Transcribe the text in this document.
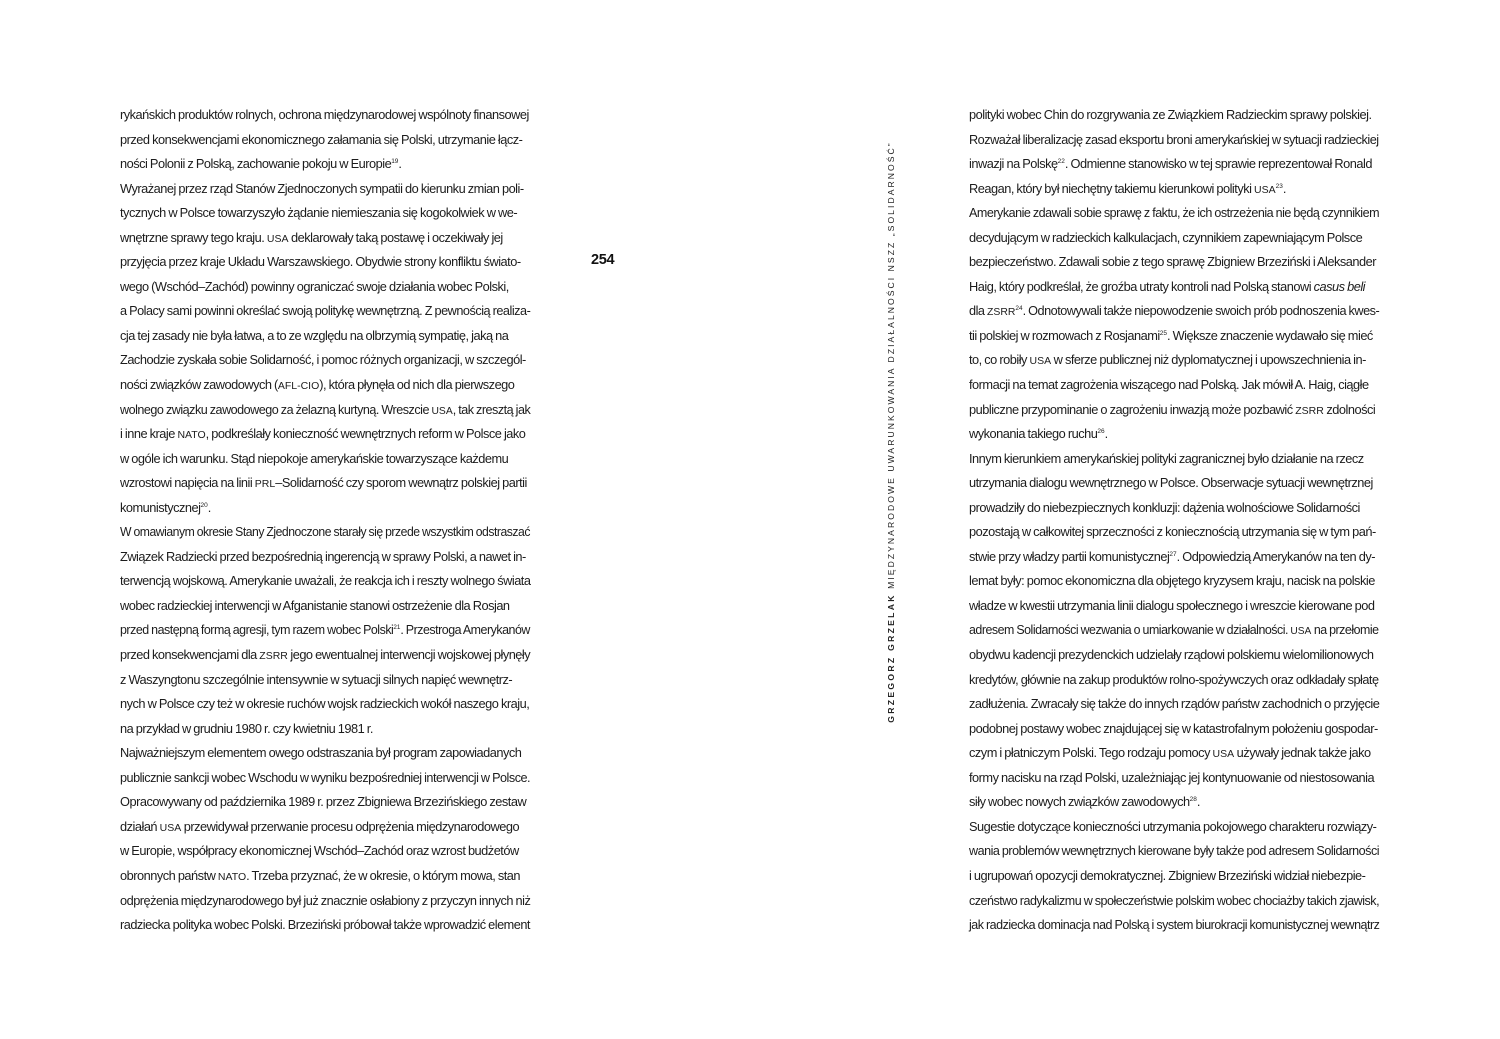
rykańskich produktów rolnych, ochrona międzynarodowej wspólnoty finansowej
przed konsekwencjami ekonomicznego załamania się Polski, utrzymanie łącz-
ności Polonii z Polską, zachowanie pokoju w Europie$^{19}$.
Wyrażanej przez rząd Stanów Zjednoczonych sympatii do kierunku zmian poli-
tycznych w Polsce towarzyszyło żądanie niemieszania się kogokolwiek w we-
wnętrzne sprawy tego kraju. USA deklarowały taką postawę i oczekiwały jej
przyjęcia przez kraje Układu Warszawskiego. Obydwie strony konfliktu świato-
wego (Wschód–Zachód) powinny ograniczać swoje działania wobec Polski,
a Polacy sami powinni określać swoją politykę wewnętrzną. Z pewnością realiza-
cja tej zasady nie była łatwa, a to ze względu na olbrzymią sympatię, jaką na
Zachodzie zyskała sobie Solidarność, i pomoc różnych organizacji, w szczegól-
ności związków zawodowych (AFL-CIO), która płynęła od nich dla pierwszego
wolnego związku zawodowego za żelazną kurtyną. Wreszcie USA, tak zresztą jak
i inne kraje NATO, podkreślały konieczność wewnętrznych reform w Polsce jako
w ogóle ich warunku. Stąd niepokoje amerykańskie towarzyszące każdemu
wzrostowi napięcia na linii PRL–Solidarność czy sporom wewnątrz polskiej partii
komunistycznej$^{20}$.
W omawianym okresie Stany Zjednoczone starały się przede wszystkim odstraszać
Związek Radziecki przed bezpośrednią ingerencją w sprawy Polski, a nawet in-
terwencją wojskową. Amerykanie uważali, że reakcja ich i reszty wolnego świata
wobec radzieckiej interwencji w Afganistanie stanowi ostrzeżenie dla Rosjan
przed następną formą agresji, tym razem wobec Polski$^{21}$. Przestroga Amerykanów
przed konsekwencjami dla ZSRR jego ewentualnej interwencji wojskowej płynęły
z Waszyngtonu szczególnie intensywnie w sytuacji silnych napięć wewnętrz-
nych w Polsce czy też w okresie ruchów wojsk radzieckich wokół naszego kraju,
na przykład w grudniu 1980 r. czy kwietniu 1981 r.
Najważniejszym elementem owego odstraszania był program zapowiadanych
publicznie sankcji wobec Wschodu w wyniku bezpośredniej interwencji w Polsce.
Opracowywany od października 1989 r. przez Zbigniewa Brzezińskiego zestaw
działań USA przewidywał przerwanie procesu odprężenia międzynarodowego
w Europie, współpracy ekonomicznej Wschód–Zachód oraz wzrost budżetów
obronnych państw NATO. Trzeba przyznać, że w okresie, o którym mowa, stan
odprężenia międzynarodowego był już znacznie osłabiony z przyczyn innych niż
radziecka polityka wobec Polski. Brzeziński próbował także wprowadzić element
254
GRZEGORZ GRZELAK MIĘDZYNARODOWE UWARUNKOWANIA DZIAŁALNOŚCI NSZZ „SOLIDARNOŚĆ”
polityki wobec Chin do rozgrywania ze Związkiem Radzieckim sprawy polskiej.
Rozważał liberalizację zasad eksportu broni amerykańskiej w sytuacji radzieckiej
inwazji na Polskę$^{22}$. Odmienne stanowisko w tej sprawie reprezentował Ronald
Reagan, który był niechętny takiemu kierunkowi polityki USA$^{23}$.
Amerykanie zdawali sobie sprawę z faktu, że ich ostrzeżenia nie będą czynnikiem
decydującym w radzieckich kalkulacjach, czynnikiem zapewniającym Polsce
bezpieczeństwo. Zdawali sobie z tego sprawę Zbigniew Brzeziński i Aleksander
Haig, który podkreślał, że groźba utraty kontroli nad Polską stanowi casus beli
dla ZSRR$^{24}$. Odnotowywali także niepowodzenie swoich prób podnoszenia kwes-
tii polskiej w rozmowach z Rosjanami$^{25}$. Większe znaczenie wydawało się mieć
to, co robiły USA w sferze publicznej niż dyplomatycznej i upowszechnienia in-
formacji na temat zagrożenia wiszącego nad Polską. Jak mówił A. Haig, ciągłe
publiczne przypominanie o zagrożeniu inwazją może pozbawić ZSRR zdolności
wykonania takiego ruchu$^{26}$.
Innym kierunkiem amerykańskiej polityki zagranicznej było działanie na rzecz
utrzymania dialogu wewnętrznego w Polsce. Obserwacje sytuacji wewnętrznej
prowadziły do niebezpiecznych konkluzji: dążenia wolnościowe Solidarności
pozostają w całkowitej sprzeczności z koniecznością utrzymania się w tym pań-
stwie przy władzy partii komunistycznej$^{27}$. Odpowiedzią Amerykanów na ten dy-
lemat były: pomoc ekonomiczna dla objętego kryzysem kraju, nacisk na polskie
władze w kwestii utrzymania linii dialogu społecznego i wreszcie kierowane pod
adresem Solidarności wezwania o umiarkowanie w działalności. USA na przełomie
obydwu kadencji prezydenckich udzielały rządowi polskiemu wielomilionowych
kredytów, głównie na zakup produktów rolno-spożywczych oraz odkładały spłatę
zadłużenia. Zwracały się także do innych rządów państw zachodnich o przyjęcie
podobnej postawy wobec znajdującej się w katastrofalnym położeniu gospodar-
czym i płatniczym Polski. Tego rodzaju pomocy USA używały jednak także jako
formy nacisku na rząd Polski, uzależniając jej kontynuowanie od niestosowania
siły wobec nowych związków zawodowych$^{28}$.
Sugestie dotyczące konieczności utrzymania pokojowego charakteru rozwiązy-
wania problemów wewnętrznych kierowane były także pod adresem Solidarności
i ugrupowań opozycji demokratycznej. Zbigniew Brzeziński widział niebezpie-
czeństwo radykalizmu w społeczeństwie polskim wobec chociażby takich zjawisk,
jak radziecka dominacja nad Polską i system biurokracji komunistycznej wewnątrz
